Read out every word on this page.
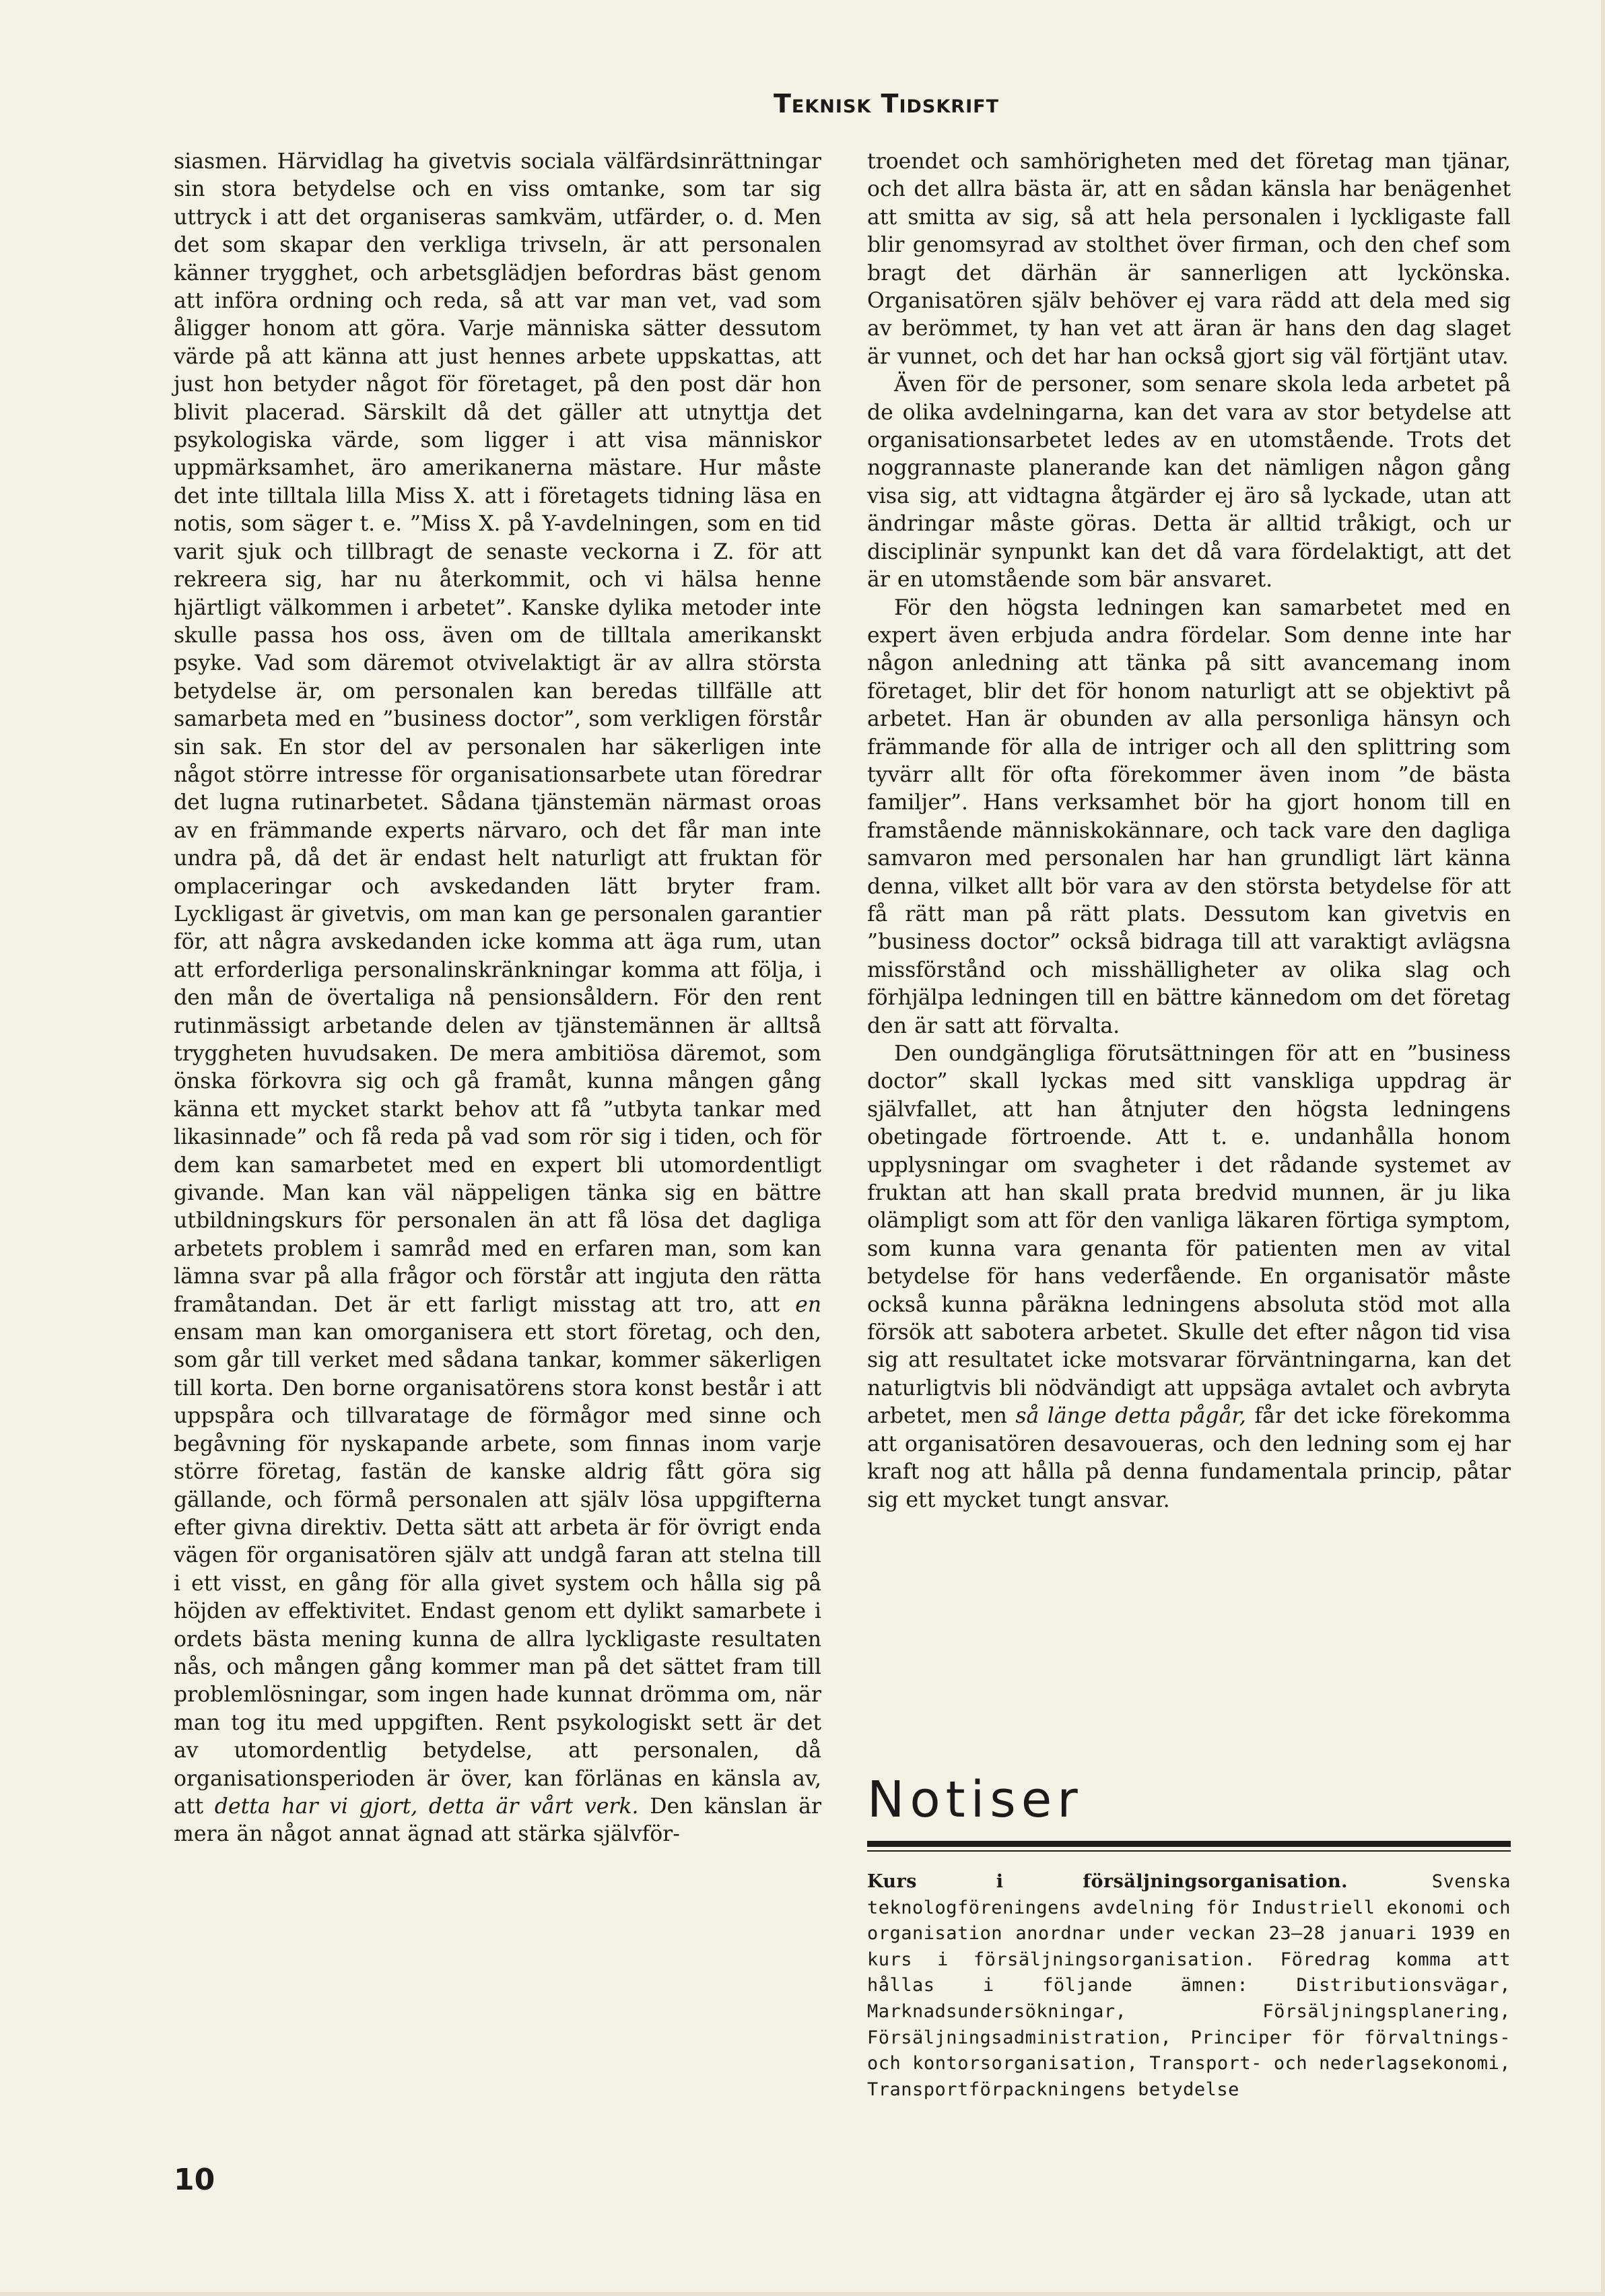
Teknisk Tidskrift

siasmen. Härvidlag ha givetvis sociala välfärdsinrättningar sin stora betydelse och en viss omtanke, som tar sig uttryck i att det organiseras samkväm, utfärder, o. d. Men det som skapar den verkliga trivseln, är att personalen känner trygghet, och arbetsglädjen befordras bäst genom att införa ordning och reda, så att var man vet, vad som åligger honom att göra. Varje människa sätter dessutom värde på att känna att just hennes arbete uppskattas, att just hon betyder något för företaget, på den post där hon blivit placerad. Särskilt då det gäller att utnyttja det psykologiska värde, som ligger i att visa människor uppmärksamhet, äro amerikanerna mästare. Hur måste det inte tilltala lilla Miss X. att i företagets tidning läsa en notis, som säger t. e. ”Miss X. på Y-avdelningen, som en tid varit sjuk och tillbragt de senaste veckorna i Z. för att rekreera sig, har nu återkommit, och vi hälsa henne hjärtligt välkommen i arbetet”. Kanske dylika metoder inte skulle passa hos oss, även om de tilltala amerikanskt psyke. Vad som däremot otvivelaktigt är av allra största betydelse är, om personalen kan beredas tillfälle att samarbeta med en ”business doctor”, som verkligen förstår sin sak. En stor del av personalen har säkerligen inte något större intresse för organisationsarbete utan föredrar det lugna rutinarbetet. Sådana tjänstemän närmast oroas av en främmande experts närvaro, och det får man inte undra på, då det är endast helt naturligt att fruktan för omplaceringar och avskedanden lätt bryter fram. Lyckligast är givetvis, om man kan ge personalen garantier för, att några avskedanden icke komma att äga rum, utan att erforderliga personalinskränkningar komma att följa, i den mån de övertaliga nå pensionsåldern. För den rent rutinmässigt arbetande delen av tjänstemännen är alltså tryggheten huvudsaken. De mera ambitiösa däremot, som önska förkovra sig och gå framåt, kunna mången gång känna ett mycket starkt behov att få ”utbyta tankar med likasinnade” och få reda på vad som rör sig i tiden, och för dem kan samarbetet med en expert bli utomordentligt givande. Man kan väl näppeligen tänka sig en bättre utbildningskurs för personalen än att få lösa det dagliga arbetets problem i samråd med en erfaren man, som kan lämna svar på alla frågor och förstår att ingjuta den rätta framåtandan. Det är ett farligt misstag att tro, att en ensam man kan omorganisera ett stort företag, och den, som går till verket med sådana tankar, kommer säkerligen till korta. Den borne organisatörens stora konst består i att uppspåra och tillvaratage de förmågor med sinne och begåvning för nyskapande arbete, som finnas inom varje större företag, fastän de kanske aldrig fått göra sig gällande, och förmå personalen att själv lösa uppgifterna efter givna direktiv. Detta sätt att arbeta är för övrigt enda vägen för organisatören själv att undgå faran att stelna till i ett visst, en gång för alla givet system och hålla sig på höjden av effektivitet. Endast genom ett dylikt samarbete i ordets bästa mening kunna de allra lyckligaste resultaten nås, och mången gång kommer man på det sättet fram till problemlösningar, som ingen hade kunnat drömma om, när man tog itu med uppgiften. Rent psykologiskt sett är det av utomordentlig betydelse, att personalen, då organisationsperioden är över, kan förlänas en känsla av, att detta har vi gjort, detta är vårt verk. Den känslan är mera än något annat ägnad att stärka självför-

troendet och samhörigheten med det företag man tjänar, och det allra bästa är, att en sådan känsla har benägenhet att smitta av sig, så att hela personalen i lyckligaste fall blir genomsyrad av stolthet över firman, och den chef som bragt det därhän är sannerligen att lyckönska. Organisatören själv behöver ej vara rädd att dela med sig av berömmet, ty han vet att äran är hans den dag slaget är vunnet, och det har han också gjort sig väl förtjänt utav.

Även för de personer, som senare skola leda arbetet på de olika avdelningarna, kan det vara av stor betydelse att organisationsarbetet ledes av en utomstående. Trots det noggrannaste planerande kan det nämligen någon gång visa sig, att vidtagna åtgärder ej äro så lyckade, utan att ändringar måste göras. Detta är alltid tråkigt, och ur disciplinär synpunkt kan det då vara fördelaktigt, att det är en utomstående som bär ansvaret.

För den högsta ledningen kan samarbetet med en expert även erbjuda andra fördelar. Som denne inte har någon anledning att tänka på sitt avancemang inom företaget, blir det för honom naturligt att se objektivt på arbetet. Han är obunden av alla personliga hänsyn och främmande för alla de intriger och all den splittring som tyvärr allt för ofta förekommer även inom ”de bästa familjer”. Hans verksamhet bör ha gjort honom till en framstående människokännare, och tack vare den dagliga samvaron med personalen har han grundligt lärt känna denna, vilket allt bör vara av den största betydelse för att få rätt man på rätt plats. Dessutom kan givetvis en ”business doctor” också bidraga till att varaktigt avlägsna missförstånd och misshälligheter av olika slag och förhjälpa ledningen till en bättre kännedom om det företag den är satt att förvalta.

Den oundgängliga förutsättningen för att en ”business doctor” skall lyckas med sitt vanskliga uppdrag är självfallet, att han åtnjuter den högsta ledningens obetingade förtroende. Att t. e. undanhålla honom upplysningar om svagheter i det rådande systemet av fruktan att han skall prata bredvid munnen, är ju lika olämpligt som att för den vanliga läkaren förtiga symptom, som kunna vara genanta för patienten men av vital betydelse för hans vederfående. En organisatör måste också kunna påräkna ledningens absoluta stöd mot alla försök att sabotera arbetet. Skulle det efter någon tid visa sig att resultatet icke motsvarar förväntningarna, kan det naturligtvis bli nödvändigt att uppsäga avtalet och avbryta arbetet, men så länge detta pågår, får det icke förekomma att organisatören desavoueras, och den ledning som ej har kraft nog att hålla på denna fundamentala princip, påtar sig ett mycket tungt ansvar.

Notiser
Kurs i försäljningsorganisation.	Svenska teknologföreningens avdelning för Industriell ekonomi och organisation anordnar under veckan 23—28 januari 1939 en kurs i försäljningsorganisation. Föredrag komma att hållas i följande ämnen: Distributionsvägar, Marknadsundersökningar, Försäljningsplanering, Försäljningsadministration, Principer för förvaltnings- och kontorsorganisation, Transport- och nederlagsekonomi, Transportförpackningens betydelse
10
